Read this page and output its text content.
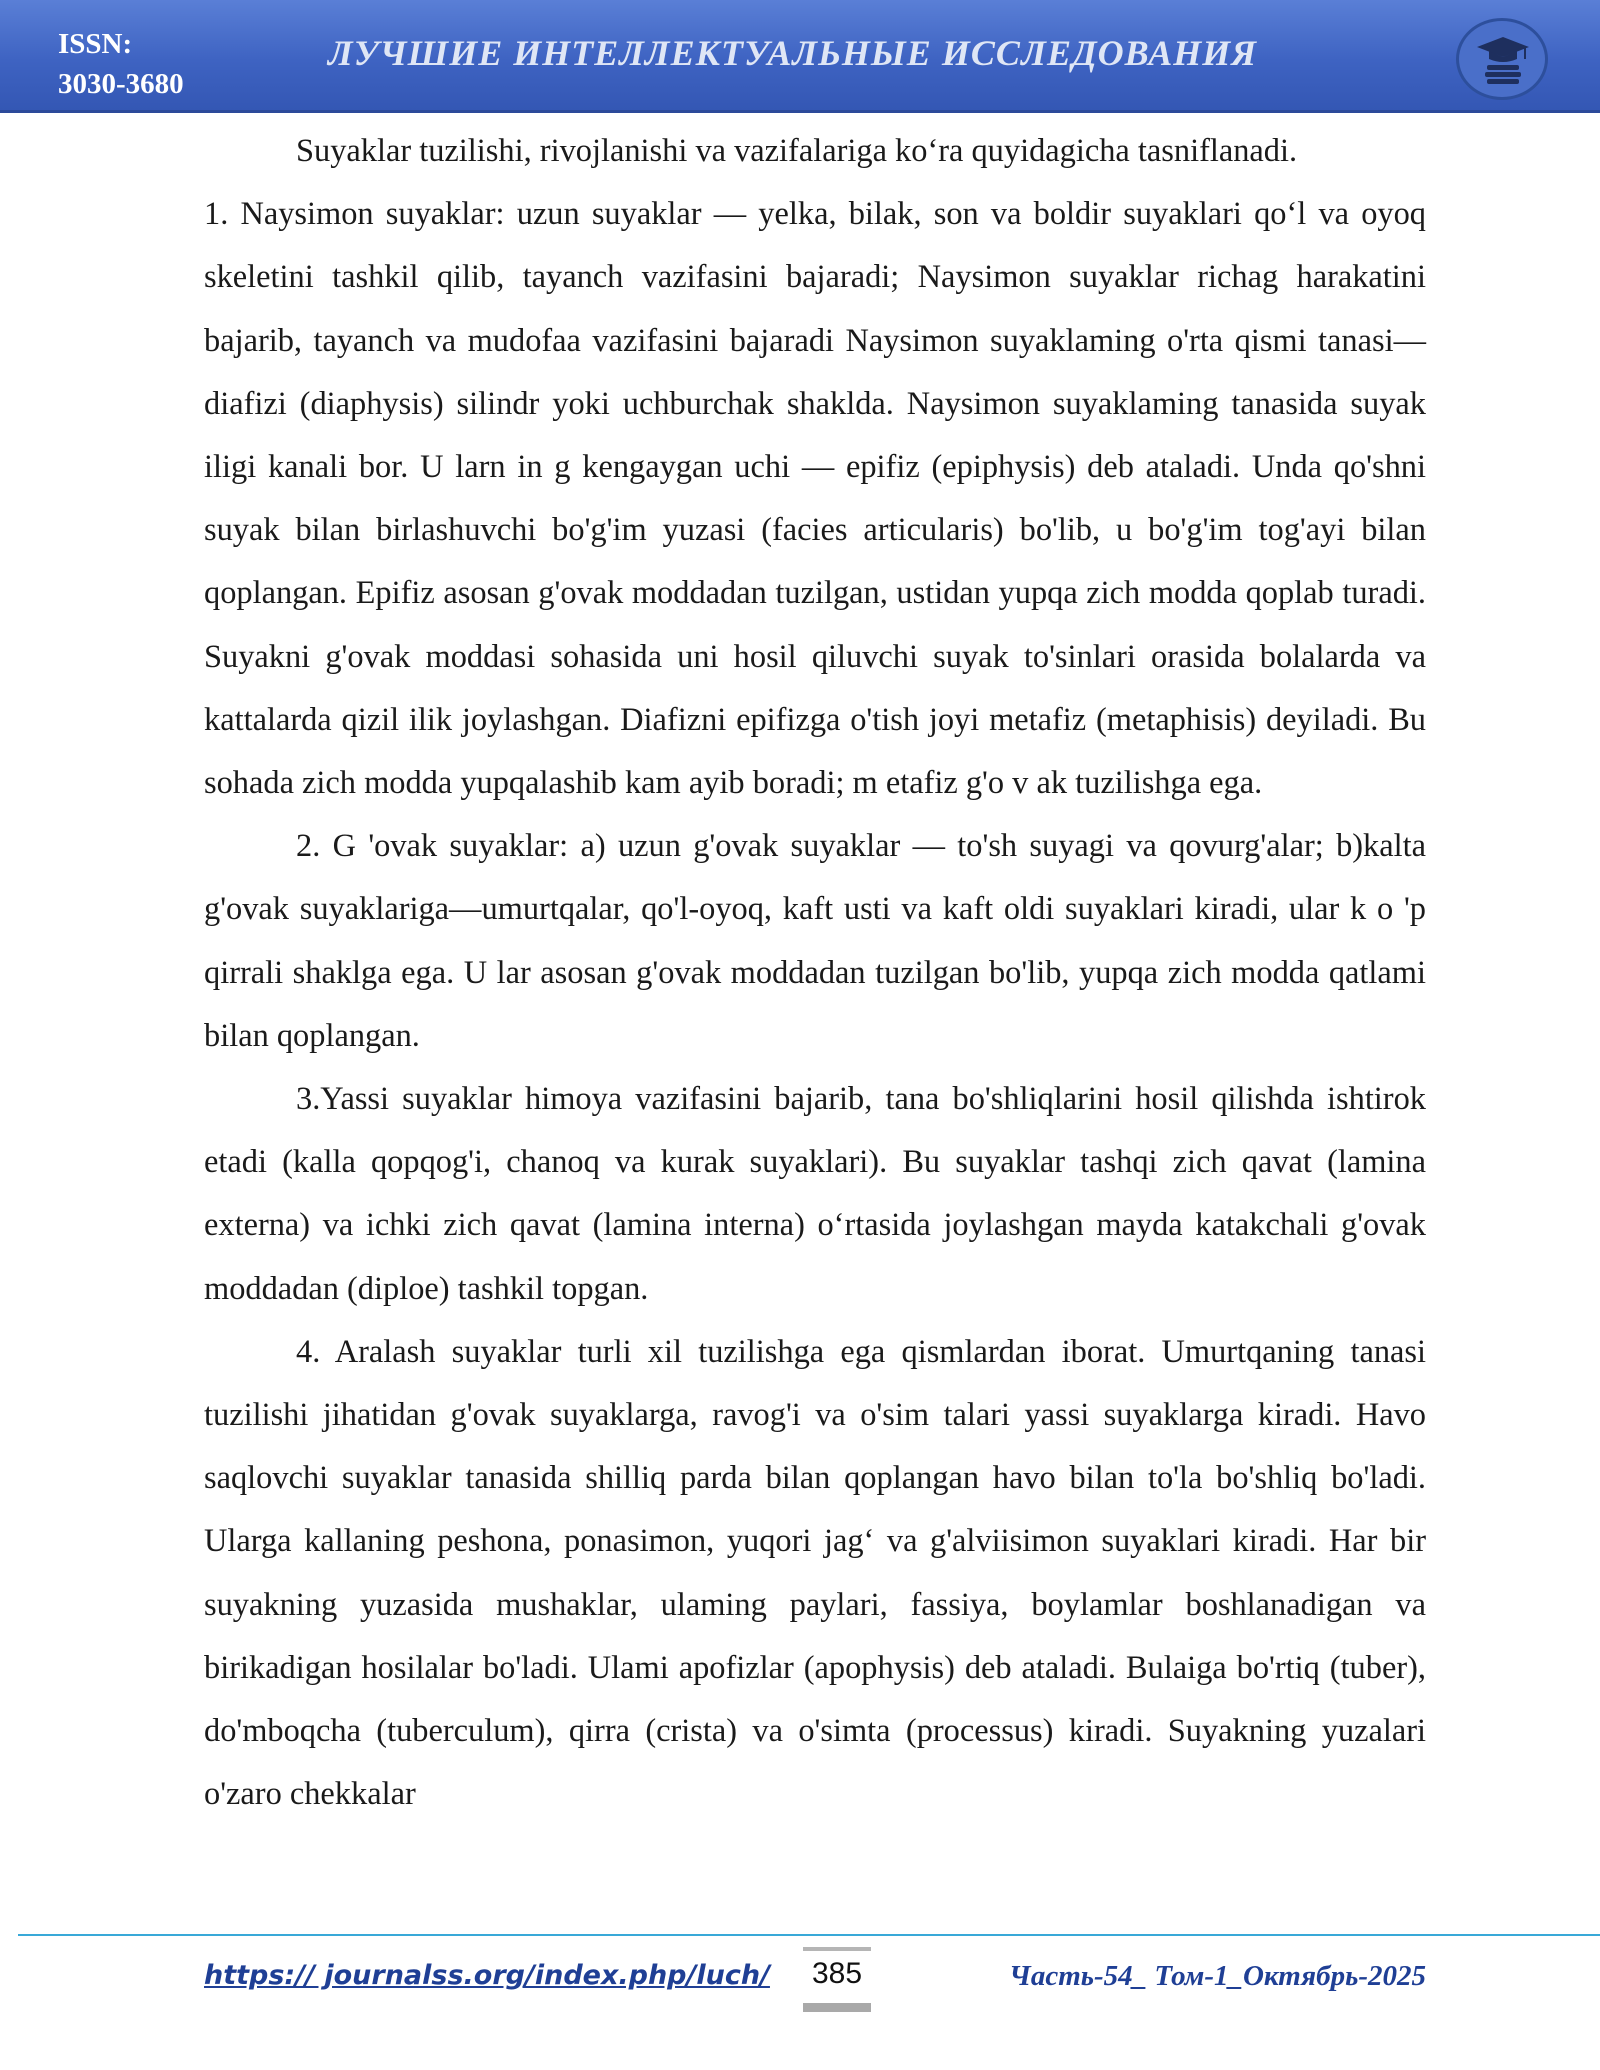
ISSN:
3030-3680
ЛУЧШИЕ ИНТЕЛЛЕКТУАЛЬНЫЕ ИССЛЕДОВАНИЯ

Suyaklar tuzilishi, rivojlanishi va vazifalariga ko‘ra quyidagicha tasniflanadi.

1. Naysimon suyaklar: uzun suyaklar — yelka, bilak, son va boldir suyaklari qo‘l va oyoq skeletini tashkil qilib, tayanch vazifasini bajaradi; Naysimon suyaklar richag harakatini bajarib, tayanch va mudofaa vazifasini bajaradi Naysimon suyaklaming o'rta qismi tanasi— diafizi (diaphysis) silindr yoki uchburchak shaklda. Naysimon suyaklaming tanasida suyak iligi kanali bor. U larn in g kengaygan uchi — epifiz (epiphysis) deb ataladi. Unda qo'shni suyak bilan birlashuvchi bo'g'im yuzasi (facies articularis) bo'lib, u bo'g'im tog'ayi bilan qoplangan. Epifiz asosan g'ovak moddadan tuzilgan, ustidan yupqa zich modda qoplab turadi. Suyakni g'ovak moddasi sohasida uni hosil qiluvchi suyak to'sinlari orasida bolalarda va kattalarda qizil ilik joylashgan. Diafizni epifizga o'tish joyi metafiz (metaphisis) deyiladi. Bu sohada zich modda yupqalashib kam ayib boradi; m etafiz g'o v ak tuzilishga ega.

2. G 'ovak suyaklar: a) uzun g'ovak suyaklar — to'sh suyagi va qovurg'alar; b)kalta g'ovak suyaklariga—umurtqalar, qo'l-oyoq, kaft usti va kaft oldi suyaklari kiradi, ular k o 'p qirrali shaklga ega. U lar asosan g'ovak moddadan tuzilgan bo'lib, yupqa zich modda qatlami bilan qoplangan.

3.Yassi suyaklar himoya vazifasini bajarib, tana bo'shliqlarini hosil qilishda ishtirok etadi (kalla qopqog'i, chanoq va kurak suyaklari). Bu suyaklar tashqi zich qavat (lamina externa) va ichki zich qavat (lamina interna) o‘rtasida joylashgan mayda katakchali g'ovak moddadan (diploe) tashkil topgan.

4. Aralash suyaklar turli xil tuzilishga ega qismlardan iborat. Umurtqaning tanasi tuzilishi jihatidan g'ovak suyaklarga, ravog'i va o'sim talari yassi suyaklarga kiradi. Havo saqlovchi suyaklar tanasida shilliq parda bilan qoplangan havo bilan to'la bo'shliq bo'ladi. Ularga kallaning peshona, ponasimon, yuqori jag‘ va g'alviisimon suyaklari kiradi. Har bir suyakning yuzasida mushaklar, ulaming paylari, fassiya, boylamlar boshlanadigan va birikadigan hosilalar bo'ladi. Ulami apofizlar (apophysis) deb ataladi. Bulaiga bo'rtiq (tuber), do'mboqcha (tuberculum), qirra (crista) va o'simta (processus) kiradi. Suyakning yuzalari o'zaro chekkalar

https:// journalss.org/index.php/luch/ 385	Часть-54_ Том-1_Октябрь-2025
